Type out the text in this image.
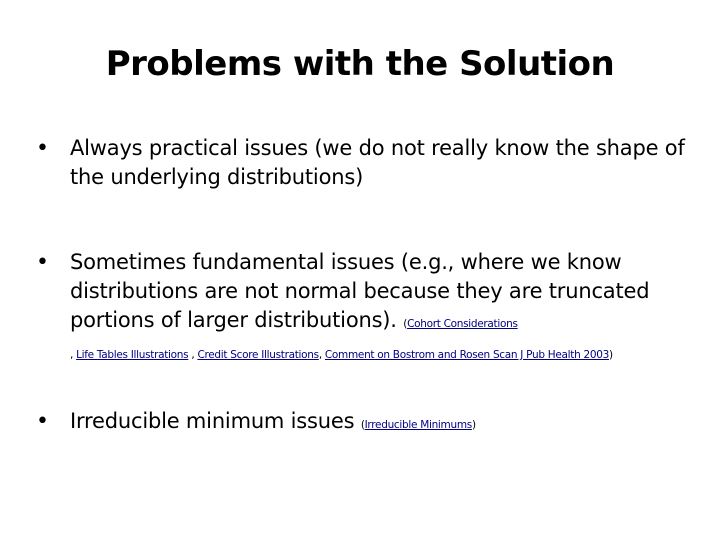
Problems with the Solution
• Always practical issues (we do not really know the shape of the underlying distributions)
• Sometimes fundamental issues (e.g., where we know distributions are not normal because they are truncated portions of larger distributions). (Cohort Considerations
, Life Tables Illustrations , Credit Score Illustrations, Comment on Bostrom and Rosen Scan J Pub Health 2003)
• Irreducible minimum issues (Irreducible Minimums)
